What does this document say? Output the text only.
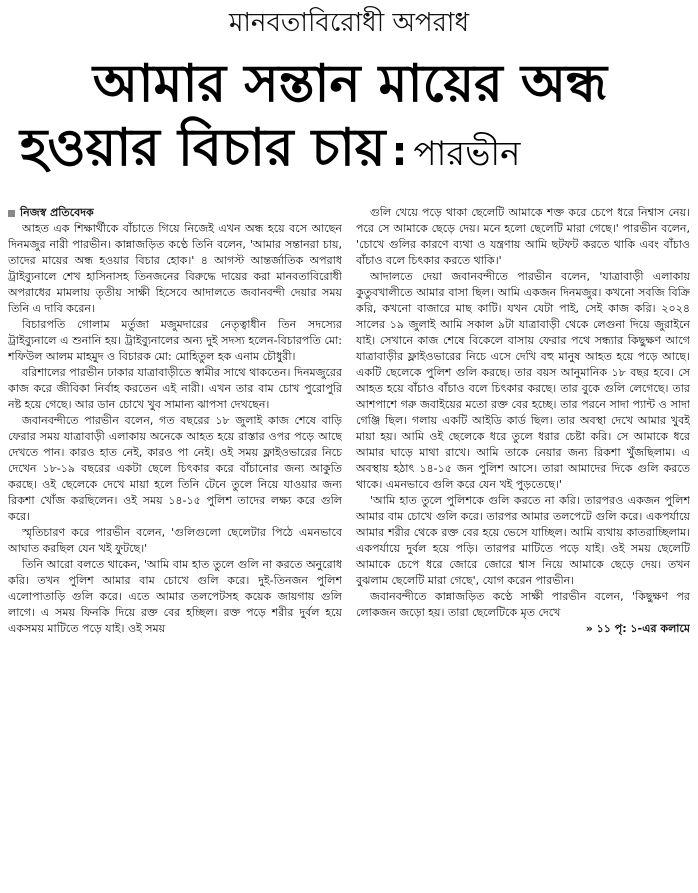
মানবতাবিরোধী অপরাধ
আমার সন্তান মায়ের অন্ধ
হওয়ার বিচার চায় : পারভীন
নিজস্ব প্রতিবেদক

আহত এক শিক্ষার্থীকে বাঁচাতে গিয়ে নিজেই এখন অন্ধ হয়ে বসে আছেন দিনমজুর নারী পারভীন। কান্নাজড়িত কণ্ঠে তিনি বলেন, 'আমার সন্তানরা চায়, তাদের মায়ের অন্ধ হওয়ার বিচার হোক।' ৪ আগস্ট আন্তর্জাতিক অপরাধ ট্রাইব্যুনালে শেখ হাসিনাসহ তিনজনের বিরুদ্ধে দায়ের করা মানবতাবিরোধী অপরাধের মামলায় তৃতীয় সাক্ষী হিসেবে আদালতে জবানবন্দী দেয়ার সময় তিনি এ দাবি করেন।

বিচারপতি গোলাম মর্তুজা মজুমদারের নেতৃত্বাধীন তিন সদস্যের ট্রাইব্যুনালে এ শুনানি হয়। ট্রাইব্যুনালের অন্য দুই সদস্য হলেন-বিচারপতি মো: শফিউল আলম মাহমুদ ও বিচারক মো: মোহিতুল হক এনাম চৌধুরী।

বরিশালের পারভীন ঢাকার যাত্রাবাড়ীতে স্বামীর সাথে থাকতেন। দিনমজুরের কাজ করে জীবিকা নির্বাহ করতেন এই নারী। এখন তার বাম চোখ পুরোপুরি নষ্ট হয়ে গেছে। আর ডান চোখে খুব সামান্য ঝাপসা দেখছেন।

জবানবন্দীতে পারভীন বলেন, গত বছরের ১৮ জুলাই কাজ শেষে বাড়ি ফেরার সময় যাত্রাবাড়ী এলাকায় অনেকে আহত হয়ে রাস্তার ওপর পড়ে আছে দেখতে পান। কারও হাত নেই, কারও পা নেই। ওই সময় ফ্লাইওভারের নিচে দেখেন ১৮-১৯ বছরের একটা ছেলে চিৎকার করে বাঁচানোর জন্য আকুতি করছে। ওই ছেলেকে দেখে মায়া হলে তিনি টেনে তুলে নিয়ে যাওয়ার জন্য রিকশা খোঁজ করছিলেন। ওই সময় ১৪-১৫ পুলিশ তাদের লক্ষ্য করে গুলি করে।

স্মৃতিচারণ করে পারভীন বলেন, 'গুলিগুলো ছেলেটার পিঠে এমনভাবে আঘাত করছিল যেন খই ফুটছে।'

তিনি আরো বলতে থাকেন, 'আমি বাম হাত তুলে গুলি না করতে অনুরোধ করি। তখন পুলিশ আমার বাম চোখে গুলি করে। দুই-তিনজন পুলিশ এলোপাতাড়ি গুলি করে। এতে আমার তলপেটসহ কয়েক জায়গায় গুলি লাগে। এ সময় ফিনকি দিয়ে রক্ত বের হচ্ছিল। রক্ত পড়ে শরীর দুর্বল হয়ে একসময় মাটিতে পড়ে যাই। ওই সময়

গুলি খেয়ে পড়ে থাকা ছেলেটি আমাকে শক্ত করে চেপে ধরে নিশ্বাস নেয়। পরে সে আমাকে ছেড়ে দেয়। মনে হলো ছেলেটি মারা গেছে।' পারভীন বলেন, 'চোখে গুলির কারণে ব্যথা ও যন্ত্রণায় আমি ছটফট করতে থাকি এবং বাঁচাও বাঁচাও বলে চিৎকার করতে থাকি।'

আদালতে দেয়া জবানবন্দীতে পারভীন বলেন, 'যাত্রাবাড়ী এলাকায় কুতুবখালীতে আমার বাসা ছিল। আমি একজন দিনমজুর। কখনো সবজি বিক্রি করি, কখনো বাজারে মাছ কাটি। যখন যেটা পাই, সেই কাজ করি। ২০২৪ সালের ১৯ জুলাই আমি সকাল ৯টা যাত্রাবাড়ী থেকে লেগুনা দিয়ে জুরাইনে যাই। সেখানে কাজ শেষে বিকেলে বাসায় ফেরার পথে সন্ধ্যার কিছুক্ষণ আগে যাত্রাবাড়ীর ফ্লাইওভারের নিচে এসে দেখি বহু মানুষ আহত হয়ে পড়ে আছে। একটি ছেলেকে পুলিশ গুলি করছে। তার বয়স আনুমানিক ১৮ বছর হবে। সে আহত হয়ে বাঁচাও বাঁচাও বলে চিৎকার করছে। তার বুকে গুলি লেগেছে। তার আশপাশে গরু জবাইয়ের মতো রক্ত বের হচ্ছে। তার পরনে সাদা প্যান্ট ও সাদা গেঞ্জি ছিল। গলায় একটি আইডি কার্ড ছিল। তার অবস্থা দেখে আমার খুবই মায়া হয়। আমি ওই ছেলেকে ধরে তুলে ধরার চেষ্টা করি। সে আমাকে ধরে আমার ঘাড়ে মাথা রাখে। আমি তাকে নেয়ার জন্য রিকশা খুঁজছিলাম। এ অবস্থায় হঠাৎ ১৪-১৫ জন পুলিশ আসে। তারা আমাদের দিকে গুলি করতে থাকে। এমনভাবে গুলি করে যেন খই পুড়তেছে।'

'আমি হাত তুলে পুলিশকে গুলি করতে না করি। তারপরও একজন পুলিশ আমার বাম চোখে গুলি করে। তারপর আমার তলপেটে গুলি করে। একপর্যায়ে আমার শরীর থেকে রক্ত বের হয়ে ভেসে যাচ্ছিল। আমি ব্যথায় কাতরাচ্ছিলাম। একপর্যায়ে দুর্বল হয়ে পড়ি। তারপর মাটিতে পড়ে যাই। ওই সময় ছেলেটি আমাকে চেপে ধরে জোরে জোরে শ্বাস নিয়ে আমাকে ছেড়ে দেয়। তখন বুঝলাম ছেলেটি মারা গেছে', যোগ করেন পারভীন।

জবানবন্দীতে কান্নাজড়িত কণ্ঠে সাক্ষী পারভীন বলেন, 'কিছুক্ষণ পর লোকজন জড়ো হয়। তারা ছেলেটিকে মৃত দেখে

» ১১ পৃ: ১-এর কলামে
